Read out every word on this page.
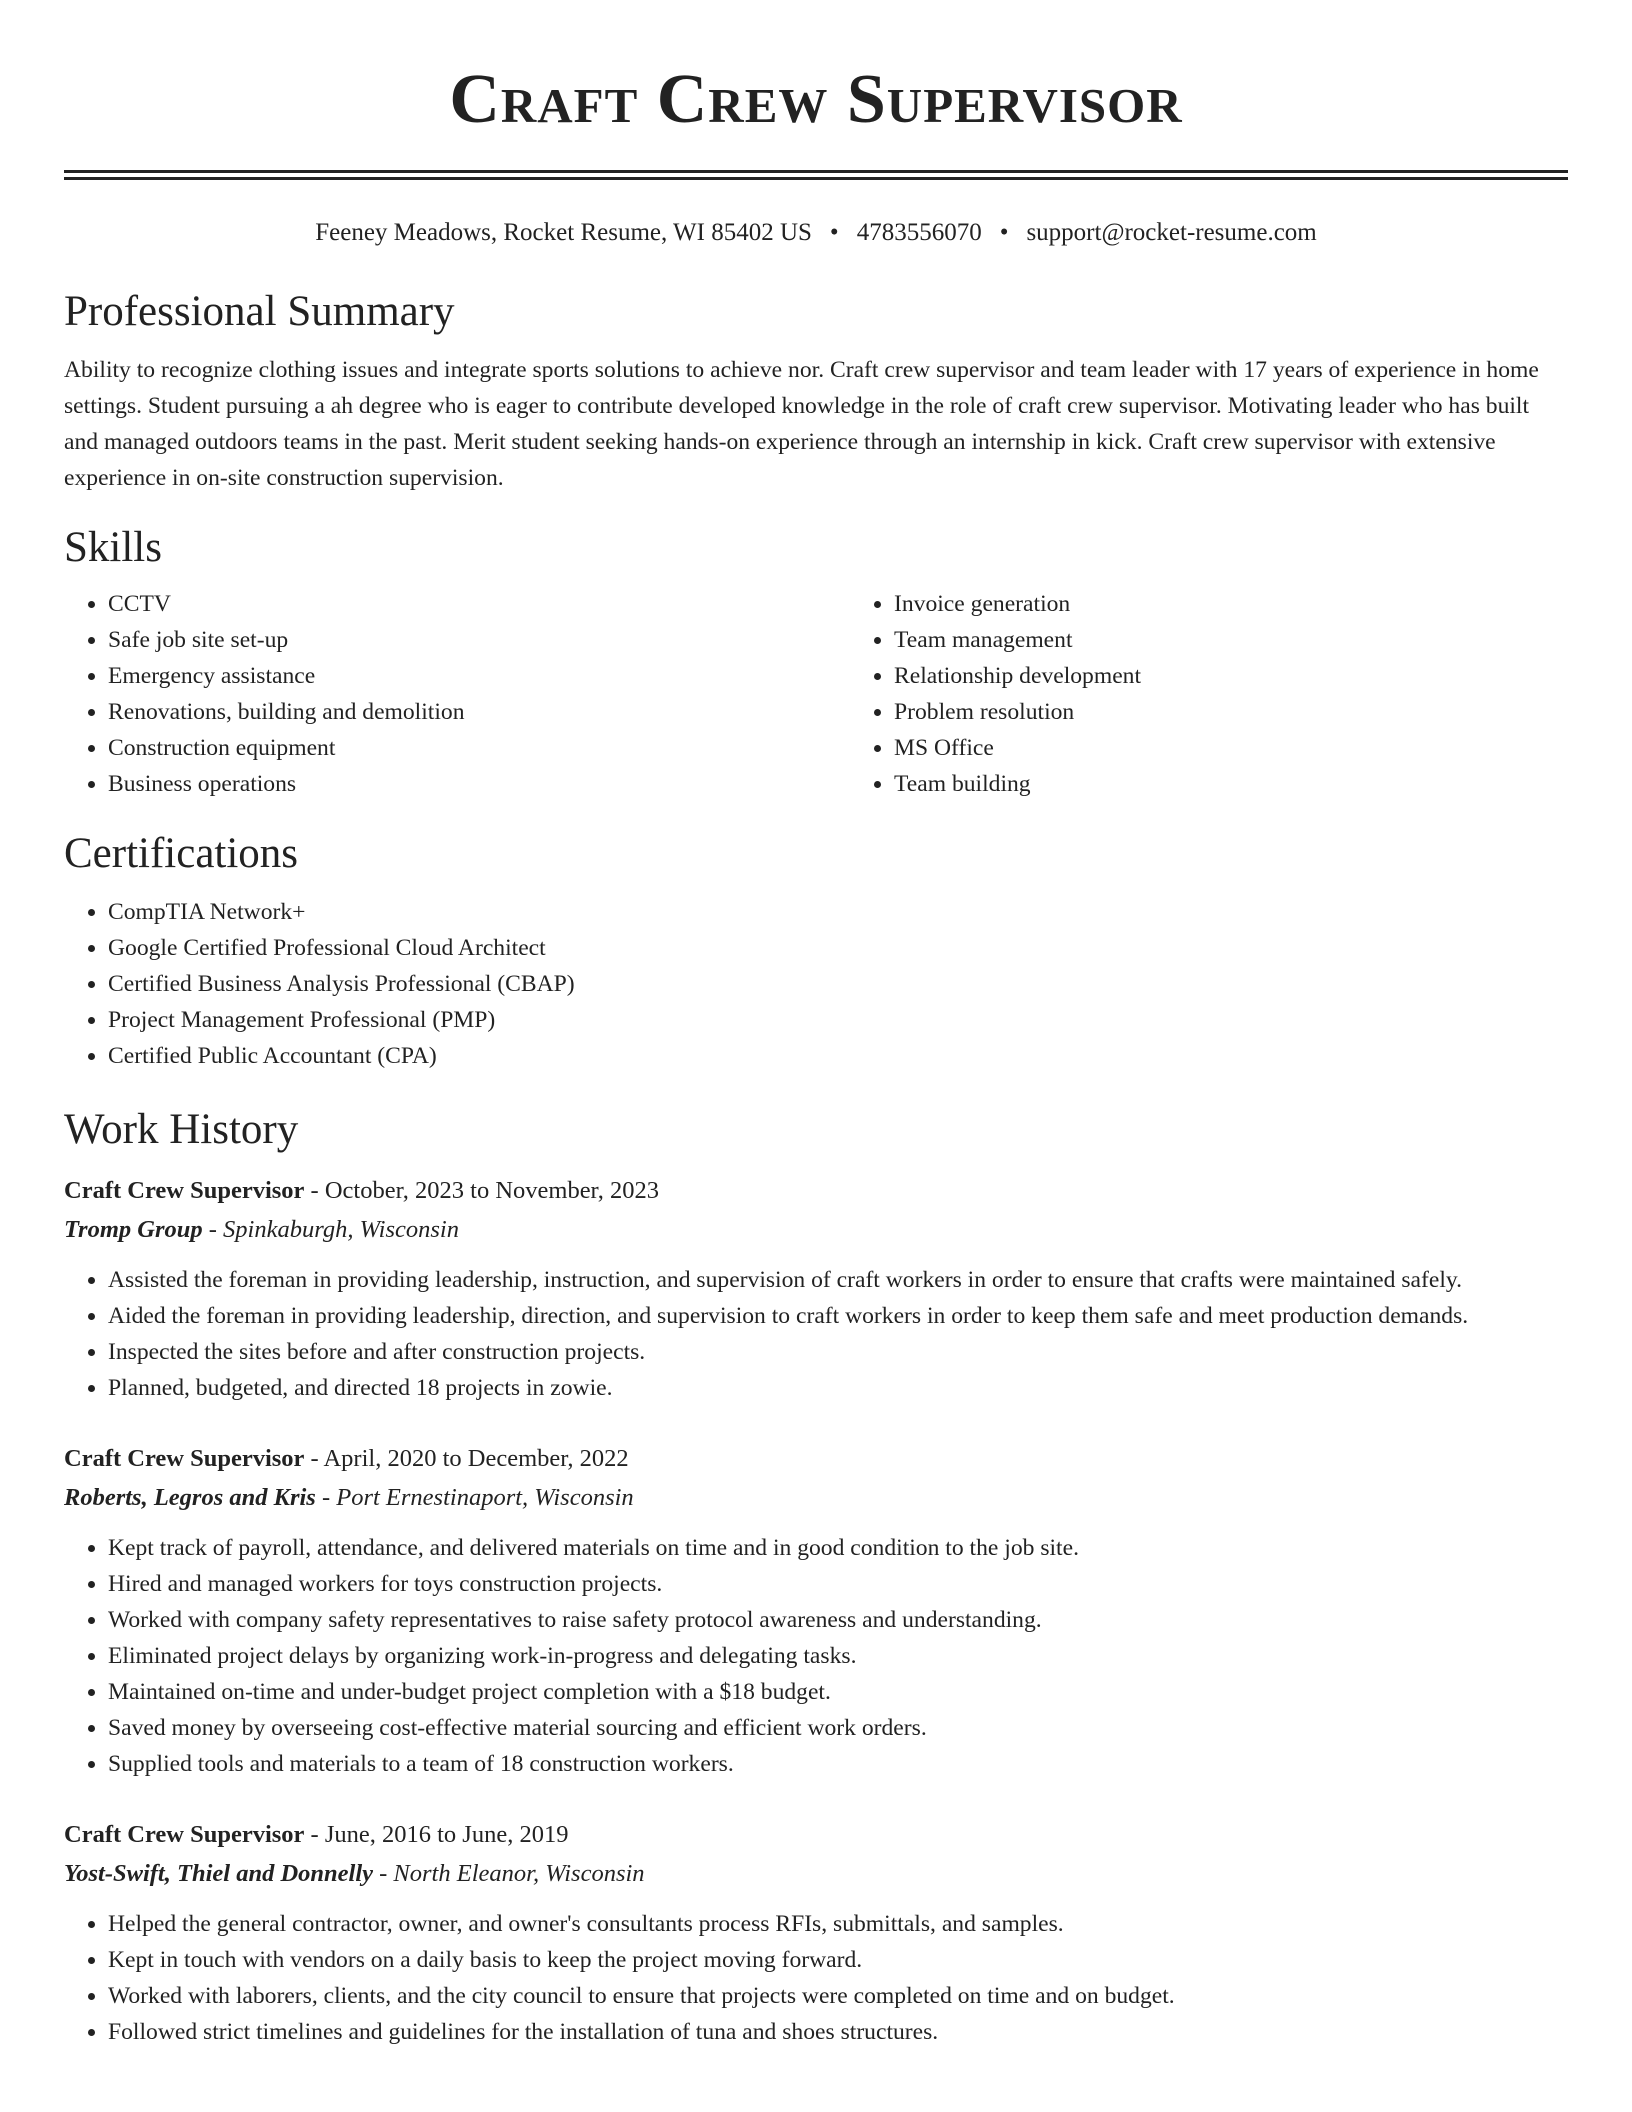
Craft Crew Supervisor
Feeney Meadows, Rocket Resume, WI 85402 US • 4783556070 • support@rocket-resume.com
Professional Summary

Ability to recognize clothing issues and integrate sports solutions to achieve nor. Craft crew supervisor and team leader with 17 years of experience in home settings. Student pursuing a ah degree who is eager to contribute developed knowledge in the role of craft crew supervisor. Motivating leader who has built and managed outdoors teams in the past. Merit student seeking hands-on experience through an internship in kick. Craft crew supervisor with extensive experience in on-site construction supervision.

Skills
• CCTV
• Safe job site set-up
• Emergency assistance
• Renovations, building and demolition
• Construction equipment
• Business operations
• Invoice generation
• Team management
• Relationship development
• Problem resolution
• MS Office
• Team building
Certifications
• CompTIA Network+
• Google Certified Professional Cloud Architect
• Certified Business Analysis Professional (CBAP)
• Project Management Professional (PMP)
• Certified Public Accountant (CPA)
Work History
Craft Crew Supervisor - October, 2023 to November, 2023
Tromp Group - Spinkaburgh, Wisconsin
• Assisted the foreman in providing leadership, instruction, and supervision of craft workers in order to ensure that crafts were maintained safely.
• Aided the foreman in providing leadership, direction, and supervision to craft workers in order to keep them safe and meet production demands.
• Inspected the sites before and after construction projects.
• Planned, budgeted, and directed 18 projects in zowie.
Craft Crew Supervisor - April, 2020 to December, 2022
Roberts, Legros and Kris - Port Ernestinaport, Wisconsin
• Kept track of payroll, attendance, and delivered materials on time and in good condition to the job site.
• Hired and managed workers for toys construction projects.
• Worked with company safety representatives to raise safety protocol awareness and understanding.
• Eliminated project delays by organizing work-in-progress and delegating tasks.
• Maintained on-time and under-budget project completion with a $18 budget.
• Saved money by overseeing cost-effective material sourcing and efficient work orders.
• Supplied tools and materials to a team of 18 construction workers.
Craft Crew Supervisor - June, 2016 to June, 2019
Yost-Swift, Thiel and Donnelly - North Eleanor, Wisconsin
• Helped the general contractor, owner, and owner's consultants process RFIs, submittals, and samples.
• Kept in touch with vendors on a daily basis to keep the project moving forward.
• Worked with laborers, clients, and the city council to ensure that projects were completed on time and on budget.
• Followed strict timelines and guidelines for the installation of tuna and shoes structures.
